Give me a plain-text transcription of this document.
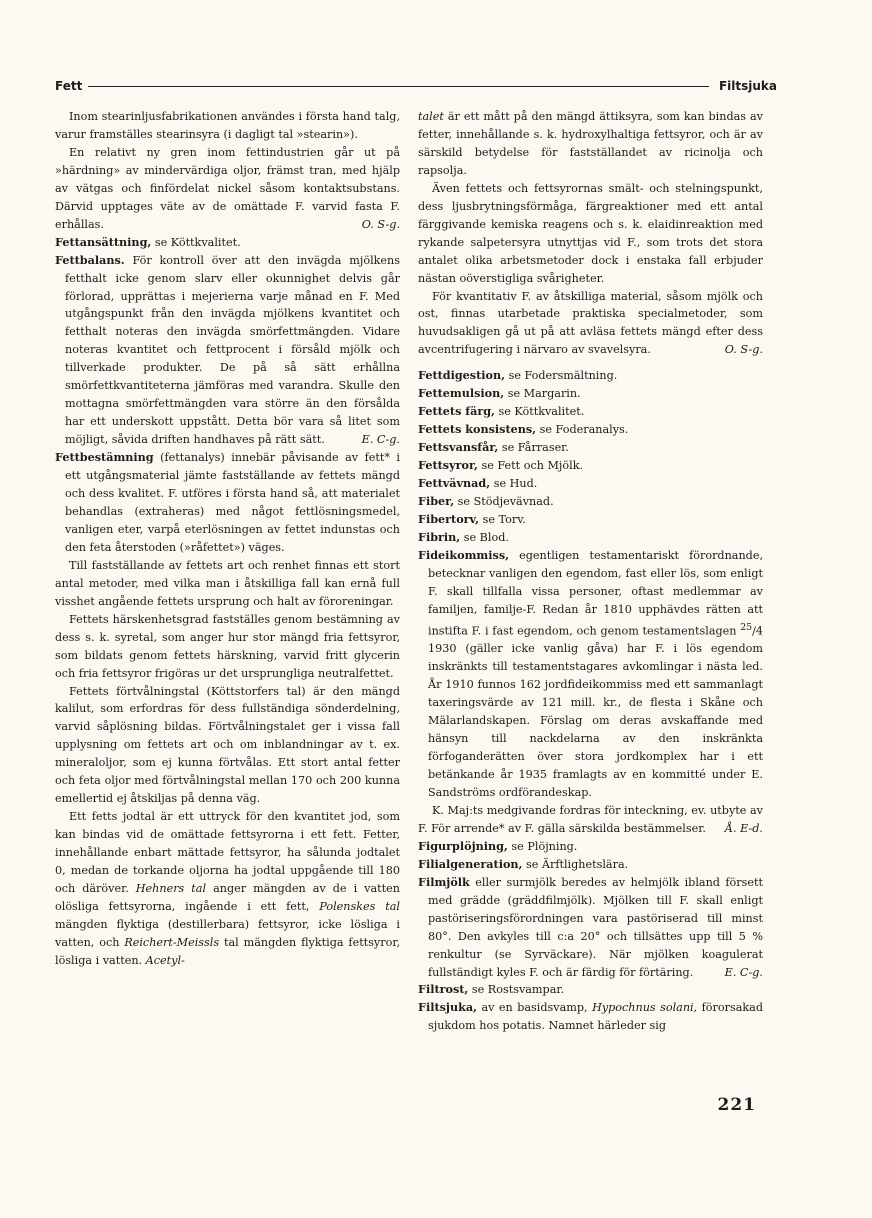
Fett	Filtsjuka

Inom stearinljusfabrikationen användes i första hand talg, varur framställes stearinsyra (i dagligt tal »stearin»).

En relativt ny gren inom fettindustrien går ut på »härdning» av mindervärdiga oljor, främst tran, med hjälp av vätgas och finfördelat nickel såsom kontaktsubstans. Därvid upptages väte av de omättade F. varvid fasta F. erhållas.	O. S-g.

Fettansättning, se Köttkvalitet.

Fettbalans. För kontroll över att den invägda mjölkens fetthalt icke genom slarv eller okunnighet delvis går förlorad, upprättas i mejerierna varje månad en F. Med utgångspunkt från den invägda mjölkens kvantitet och fetthalt noteras den invägda smörfettmängden. Vidare noteras kvantitet och fettprocent i försåld mjölk och tillverkade produkter. De på så sätt erhållna smörfettkvantiteterna jämföras med varandra. Skulle den mottagna smörfettmängden vara större än den försålda har ett underskott uppstått. Detta bör vara så litet som möjligt, såvida driften handhaves på rätt sätt.	E. C-g.

Fettbestämning (fettanalys) innebär påvisande av fett* i ett utgångsmaterial jämte fastställande av fettets mängd och dess kvalitet. F. utföres i första hand så, att materialet behandlas (extraheras) med något fettlösningsmedel, vanligen eter, varpå eterlösningen av fettet indunstas och den feta återstoden (»råfettet») väges.

Till fastställande av fettets art och renhet finnas ett stort antal metoder, med vilka man i åtskilliga fall kan ernå full visshet angående fettets ursprung och halt av föroreningar.

Fettets härskenhetsgrad fastställes genom bestämning av dess s. k. syretal, som anger hur stor mängd fria fettsyror, som bildats genom fettets härskning, varvid fritt glycerin och fria fettsyror frigöras ur det ursprungliga neutralfettet.

Fettets förtvålningstal (Köttstorfers tal) är den mängd kalilut, som erfordras för dess fullständiga sönderdelning, varvid såplösning bildas. Förtvålningstalet ger i vissa fall upplysning om fettets art och om inblandningar av t. ex. mineraloljor, som ej kunna förtvålas. Ett stort antal fetter och feta oljor med förtvålningstal mellan 170 och 200 kunna emellertid ej åtskiljas på denna väg.

Ett fetts jodtal är ett uttryck för den kvantitet jod, som kan bindas vid de omättade fettsyrorna i ett fett. Fetter, innehållande enbart mättade fettsyror, ha sålunda jodtalet 0, medan de torkande oljorna ha jodtal uppgående till 180 och däröver. Hehners tal anger mängden av de i vatten olösliga fettsyrorna, ingående i ett fett, Polenskes tal mängden flyktiga (destillerbara) fettsyror, icke lösliga i vatten, och Reichert-Meissls tal mängden flyktiga fettsyror, lösliga i vatten. Acetyl-

talet är ett mått på den mängd ättiksyra, som kan bindas av fetter, innehållande s. k. hydroxylhaltiga fettsyror, och är av särskild betydelse för fastställandet av ricinolja och rapsolja.

Även fettets och fettsyrornas smält- och stelningspunkt, dess ljusbrytningsförmåga, färgreaktioner med ett antal färggivande kemiska reagens och s. k. elaidinreaktion med rykande salpetersyra utnyttjas vid F., som trots det stora antalet olika arbetsmetoder dock i enstaka fall erbjuder nästan oöverstigliga svårigheter.

För kvantitativ F. av åtskilliga material, såsom mjölk och ost, finnas utarbetade praktiska specialmetoder, som huvudsakligen gå ut på att avläsa fettets mängd efter dess avcentrifugering i närvaro av svavelsyra.	O. S-g.

Fettdigestion, se Fodersmältning.

Fettemulsion, se Margarin.

Fettets färg, se Köttkvalitet.

Fettets konsistens, se Foderanalys.

Fettsvansfår, se Fårraser.

Fettsyror, se Fett och Mjölk.

Fettvävnad, se Hud.

Fiber, se Stödjevävnad.

Fibertorv, se Torv.

Fibrin, se Blod.

Fideikommiss, egentligen testamentariskt förordnande, betecknar vanligen den egendom, fast eller lös, som enligt F. skall tillfalla vissa personer, oftast medlemmar av familjen, familje-F. Redan år 1810 upphävdes rätten att instifta F. i fast egendom, och genom testamentslagen $^{25}$/4 1930 (gäller icke vanlig gåva) har F. i lös egendom inskränkts till testamentstagares avkomlingar i nästa led. År 1910 funnos 162 jordfideikommiss med ett sammanlagt taxeringsvärde av 121 mill. kr., de flesta i Skåne och Mälarlandskapen. Förslag om deras avskaffande med hänsyn till nackdelarna av den inskränkta förfoganderätten över stora jordkomplex har i ett betänkande år 1935 framlagts av en kommitté under E. Sandströms ordförandeskap.

K. Maj:ts medgivande fordras för inteckning, ev. utbyte av F. För arrende* av F. gälla särskilda bestämmelser.	Å. E-d.

Figurplöjning, se Plöjning.

Filialgeneration, se Ärftlighetslära.

Filmjölk eller surmjölk beredes av helmjölk ibland försett med grädde (gräddfilmjölk). Mjölken till F. skall enligt pastöriseringsförordningen vara pastöriserad till minst 80°. Den avkyles till c:a 20° och tillsättes upp till 5 % renkultur (se Syrväckare). När mjölken koagulerat fullständigt kyles F. och är färdig för förtäring.	E. C-g.

Filtrost, se Rostsvampar.

Filtsjuka, av en basidsvamp, Hypochnus solani, förorsakad sjukdom hos potatis. Namnet härleder sig

221
